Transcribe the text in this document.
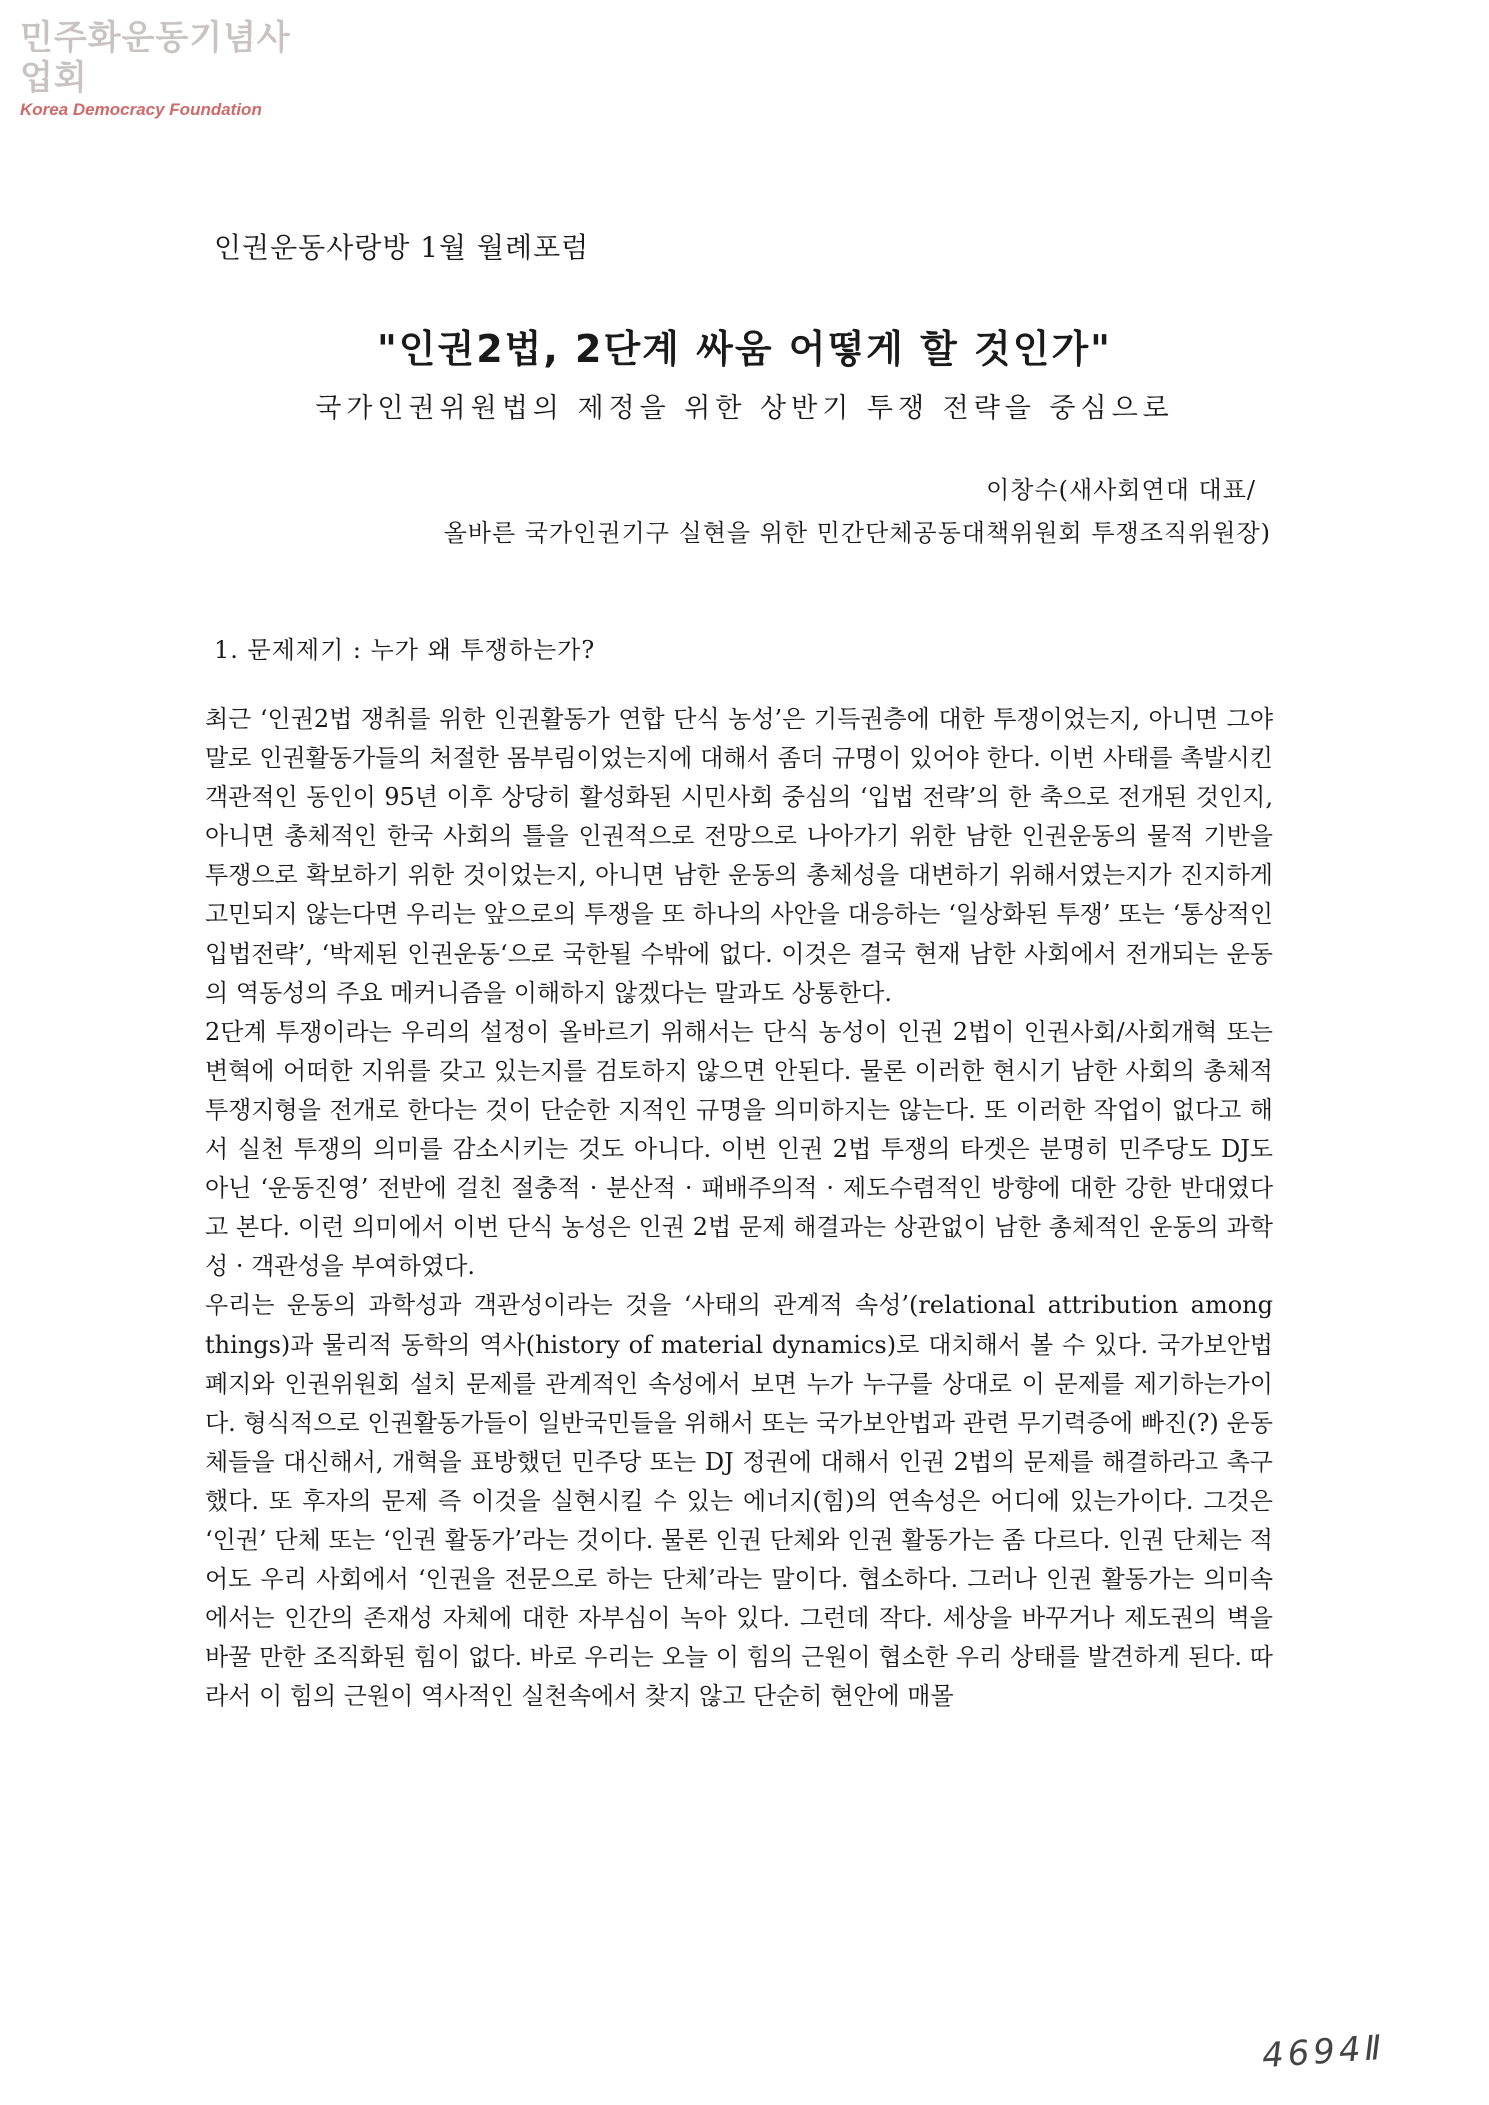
민주화운동기념사업회
Korea Democracy Foundation
인권운동사랑방 1월 월례포럼
"인권2법, 2단계 싸움 어떻게 할 것인가"
국가인권위원법의 제정을 위한 상반기 투쟁 전략을 중심으로
이창수(새사회연대 대표/
올바른 국가인권기구 실현을 위한 민간단체공동대책위원회 투쟁조직위원장)
1. 문제제기 : 누가 왜 투쟁하는가?

최근 ‘인권2법 쟁취를 위한 인권활동가 연합 단식 농성’은 기득권층에 대한 투쟁이었는지, 아니면 그야 말로 인권활동가들의 처절한 몸부림이었는지에 대해서 좀더 규명이 있어야 한다. 이번 사태를 촉발시킨 객관적인 동인이 95년 이후 상당히 활성화된 시민사회 중심의 ‘입법 전략’의 한 축으로 전개된 것인지, 아니면 총체적인 한국 사회의 틀을 인권적으로 전망으로 나아가기 위한 남한 인권운동의 물적 기반을 투쟁으로 확보하기 위한 것이었는지, 아니면 남한 운동의 총체성을 대변하기 위해서였는지가 진지하게 고민되지 않는다면 우리는 앞으로의 투쟁을 또 하나의 사안을 대응하는 ‘일상화된 투쟁’ 또는 ‘통상적인 입법전략’, ‘박제된 인권운동‘으로 국한될 수밖에 없다. 이것은 결국 현재 남한 사회에서 전개되는 운동의 역동성의 주요 메커니즘을 이해하지 않겠다는 말과도 상통한다.

2단계 투쟁이라는 우리의 설정이 올바르기 위해서는 단식 농성이 인권 2법이 인권사회/사회개혁 또는 변혁에 어떠한 지위를 갖고 있는지를 검토하지 않으면 안된다. 물론 이러한 현시기 남한 사회의 총체적 투쟁지형을 전개로 한다는 것이 단순한 지적인 규명을 의미하지는 않는다. 또 이러한 작업이 없다고 해서 실천 투쟁의 의미를 감소시키는 것도 아니다. 이번 인권 2법 투쟁의 타겟은 분명히 민주당도 DJ도 아닌 ‘운동진영’ 전반에 걸친 절충적 · 분산적 · 패배주의적 · 제도수렴적인 방향에 대한 강한 반대였다고 본다. 이런 의미에서 이번 단식 농성은 인권 2법 문제 해결과는 상관없이 남한 총체적인 운동의 과학성 · 객관성을 부여하였다.

우리는 운동의 과학성과 객관성이라는 것을 ‘사태의 관계적 속성’(relational attribution among things)과 물리적 동학의 역사(history of material dynamics)로 대치해서 볼 수 있다. 국가보안법 폐지와 인권위원회 설치 문제를 관계적인 속성에서 보면 누가 누구를 상대로 이 문제를 제기하는가이다. 형식적으로 인권활동가들이 일반국민들을 위해서 또는 국가보안법과 관련 무기력증에 빠진(?) 운동체들을 대신해서, 개혁을 표방했던 민주당 또는 DJ 정권에 대해서 인권 2법의 문제를 해결하라고 촉구했다. 또 후자의 문제 즉 이것을 실현시킬 수 있는 에너지(힘)의 연속성은 어디에 있는가이다. 그것은 ‘인권’ 단체 또는 ‘인권 활동가’라는 것이다. 물론 인권 단체와 인권 활동가는 좀 다르다. 인권 단체는 적어도 우리 사회에서 ‘인권을 전문으로 하는 단체’라는 말이다. 협소하다. 그러나 인권 활동가는 의미속에서는 인간의 존재성 자체에 대한 자부심이 녹아 있다. 그런데 작다. 세상을 바꾸거나 제도권의 벽을 바꿀 만한 조직화된 힘이 없다. 바로 우리는 오늘 이 힘의 근원이 협소한 우리 상태를 발견하게 된다. 따라서 이 힘의 근원이 역사적인 실천속에서 찾지 않고 단순히 현안에 매몰

4694Ⅱ
